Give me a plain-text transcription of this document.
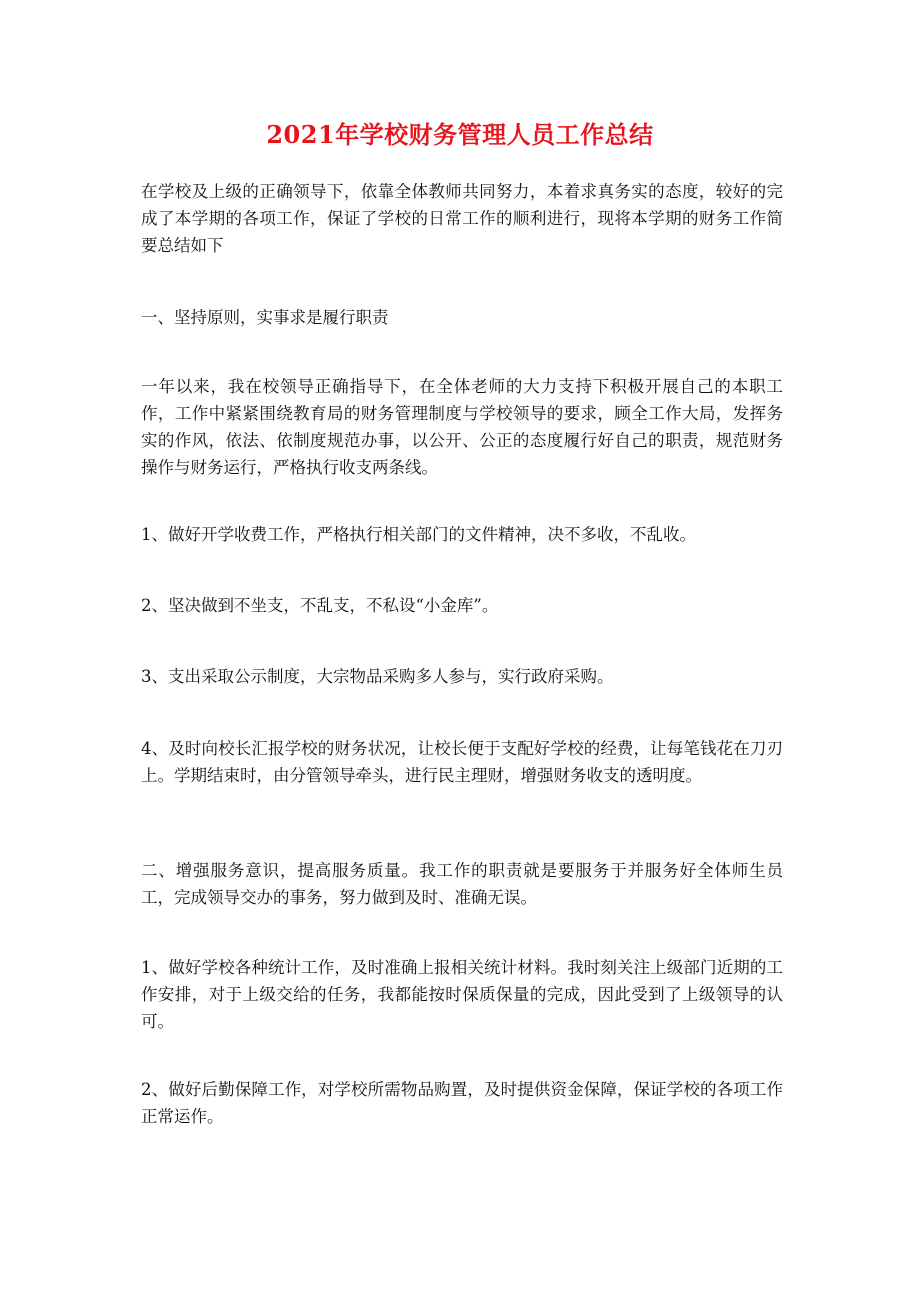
2021年学校财务管理人员工作总结

在学校及上级的正确领导下，依靠全体教师共同努力，本着求真务实的态度，较好的完成了本学期的各项工作，保证了学校的日常工作的顺利进行，现将本学期的财务工作简要总结如下

一、坚持原则，实事求是履行职责

一年以来，我在校领导正确指导下，在全体老师的大力支持下积极开展自己的本职工作，工作中紧紧围绕教育局的财务管理制度与学校领导的要求，顾全工作大局，发挥务实的作风，依法、依制度规范办事，以公开、公正的态度履行好自己的职责，规范财务操作与财务运行，严格执行收支两条线。

1、做好开学收费工作，严格执行相关部门的文件精神，决不多收，不乱收。

2、坚决做到不坐支，不乱支，不私设“小金库”。

3、支出采取公示制度，大宗物品采购多人参与，实行政府采购。

4、及时向校长汇报学校的财务状况，让校长便于支配好学校的经费，让每笔钱花在刀刃上。学期结束时，由分管领导牵头，进行民主理财，增强财务收支的透明度。

二、增强服务意识，提高服务质量。我工作的职责就是要服务于并服务好全体师生员工，完成领导交办的事务，努力做到及时、准确无误。

1、做好学校各种统计工作，及时准确上报相关统计材料。我时刻关注上级部门近期的工作安排，对于上级交给的任务，我都能按时保质保量的完成，因此受到了上级领导的认可。

2、做好后勤保障工作，对学校所需物品购置，及时提供资金保障，保证学校的各项工作正常运作。
